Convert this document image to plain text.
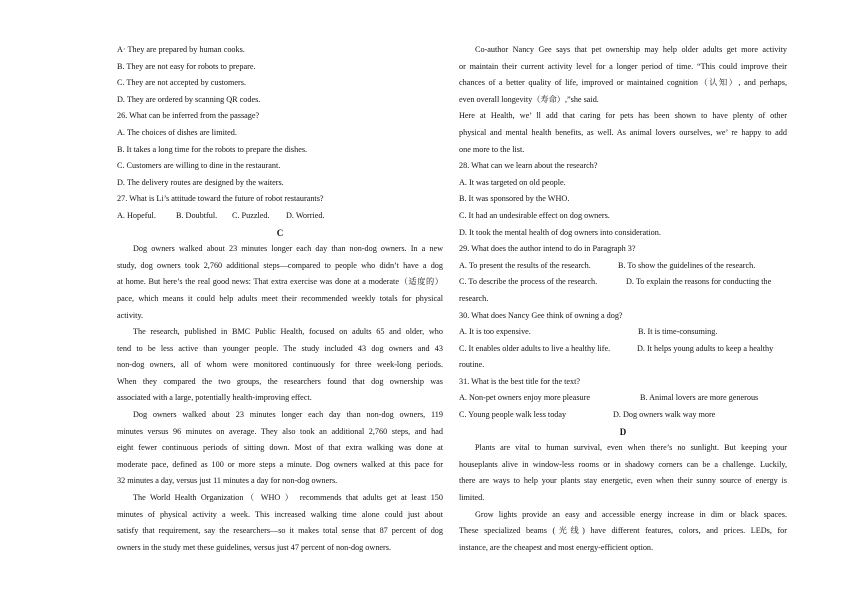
A· They are prepared by human cooks.
B. They are not easy for robots to prepare.
C. They are not accepted by customers.
D. They are ordered by scanning QR codes.
26. What can be inferred from the passage?
A. The choices of dishes are limited.
B. It takes a long time for the robots to prepare the dishes.
C. Customers are willing to dine in the restaurant.
D. The delivery routes are designed by the waiters.
27. What is Li’s attitude toward the future of robot restaurants?
A. Hopeful. B. Doubtful. C. Puzzled. D. Worried.
C
Dog owners walked about 23 minutes longer each day than non-dog owners. In a new
study, dog owners took 2,760 additional steps—compared to people who didn’t have a dog
at home. But here’s the real good news: That extra exercise was done at a moderate（适度的）
pace, which means it could help adults meet their recommended weekly totals for physical
activity.
The research, published in BMC Public Health, focused on adults 65 and older, who
tend to be less active than younger people. The study included 43 dog owners and 43
non-dog owners, all of whom were monitored continuously for three week-long periods.
When they compared the two groups, the researchers found that dog ownership was
associated with a large, potentially health-improving effect.
Dog owners walked about 23 minutes longer each day than non-dog owners, 119
minutes versus 96 minutes on average. They also took an additional 2,760 steps, and had
eight fewer continuous periods of sitting down. Most of that extra walking was done at
moderate pace, defined as 100 or more steps a minute. Dog owners walked at this pace for
32 minutes a day, versus just 11 minutes a day for non-dog owners.
The World Health Organization（ WHO ） recommends that adults get at least 150
minutes of physical activity a week. This increased walking time alone could just about
satisfy that requirement, say the researchers—so it makes total sense that 87 percent of dog
owners in the study met these guidelines, versus just 47 percent of non-dog owners.
Co-author Nancy Gee says that pet ownership may help older adults get more activity
or maintain their current activity level for a longer period of time. “This could improve their
chances of a better quality of life, improved or maintained cognition（认知）, and perhaps,
even overall longevity（寿命）,”she said.
Here at Health, we’ ll add that caring for pets has been shown to have plenty of other
physical and mental health benefits, as well. As animal lovers ourselves, we’ re happy to add
one more to the list.
28. What can we learn about the research?
A. It was targeted on old people.
B. It was sponsored by the WHO.
C. It had an undesirable effect on dog owners.
D. It took the mental health of dog owners into consideration.
29. What does the author intend to do in Paragraph 3?
A. To present the results of the research.	B. To show the guidelines of the research.
C. To describe the process of the research.	D. To explain the reasons for conducting the
research.
30. What does Nancy Gee think of owning a dog?
A. It is too expensive.	B. It is time-consuming.
C. It enables older adults to live a healthy life.	D. It helps young adults to keep a healthy
routine.
31. What is the best title for the text?
A. Non-pet owners enjoy more pleasure	B. Animal lovers are more generous
C. Young people walk less today	D. Dog owners walk way more
D
Plants are vital to human survival, even when there’s no sunlight. But keeping your
houseplants alive in window-less rooms or in shadowy corners can be a challenge. Luckily,
there are ways to help your plants stay energetic, even when their sunny source of energy is
limited.
Grow lights provide an easy and accessible energy increase in dim or black spaces.
These specialized beams (光线) have different features, colors, and prices. LEDs, for
instance, are the cheapest and most energy-efficient option.
